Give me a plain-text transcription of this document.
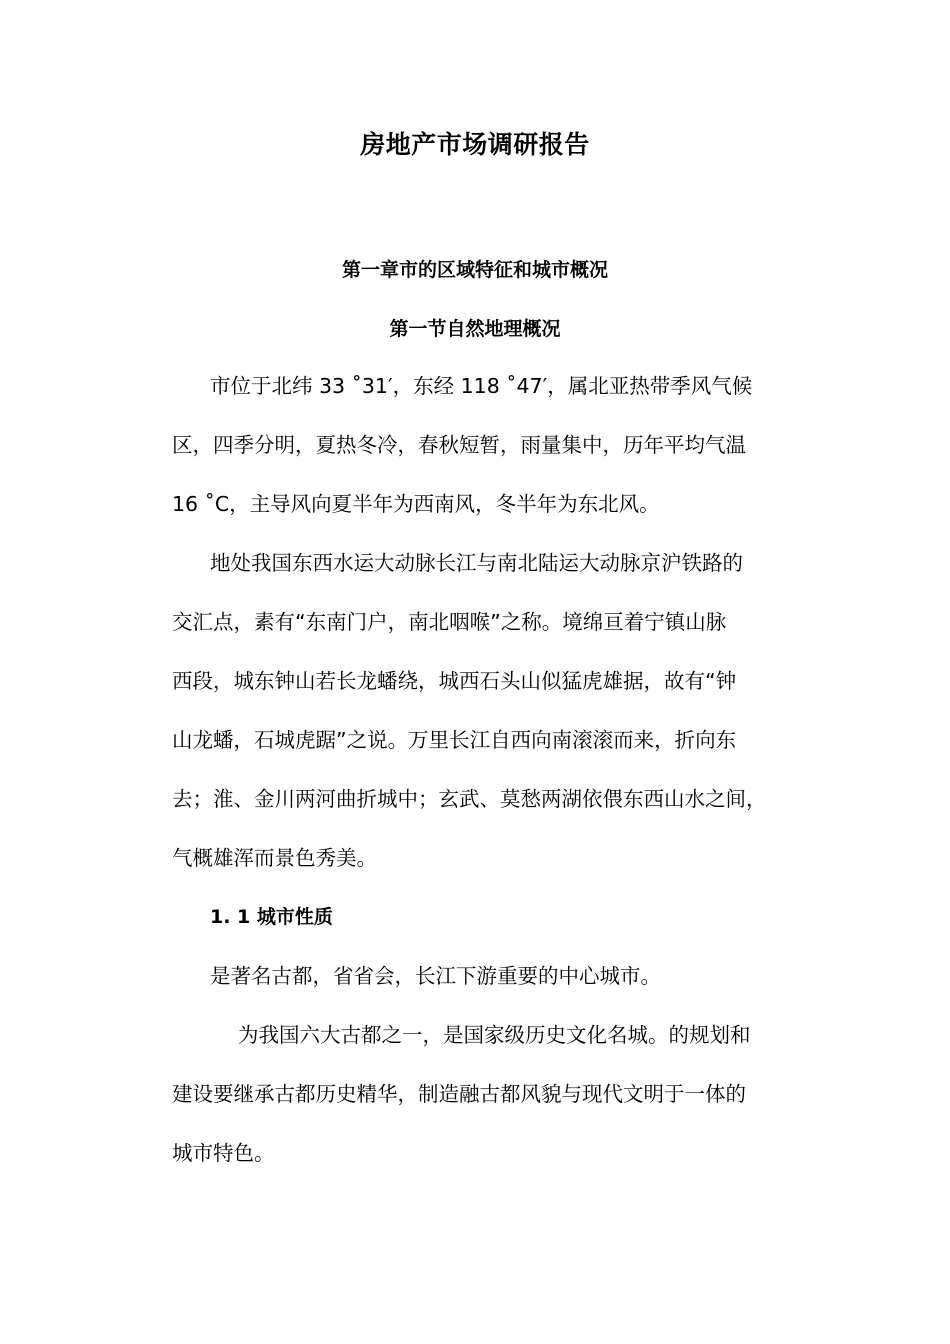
房地产市场调研报告
第一章市的区域特征和城市概况
第一节自然地理概况
市位于北纬 33 ˚31′，东经 118 ˚47′，属北亚热带季风气候
区，四季分明，夏热冬冷，春秋短暂，雨量集中，历年平均气温
16 ˚C，主导风向夏半年为西南风，冬半年为东北风。
地处我国东西水运大动脉长江与南北陆运大动脉京沪铁路的
交汇点，素有“东南门户，南北咽喉”之称。境绵亘着宁镇山脉
西段，城东钟山若长龙蟠绕，城西石头山似猛虎雄据，故有“钟
山龙蟠，石城虎踞”之说。万里长江自西向南滚滚而来，折向东
去；淮、金川两河曲折城中；玄武、莫愁两湖依偎东西山水之间，
气概雄浑而景色秀美。
1. 1 城市性质
是著名古都，省省会，长江下游重要的中心城市。
为我国六大古都之一，是国家级历史文化名城。的规划和
建设要继承古都历史精华，制造融古都风貌与现代文明于一体的
城市特色。
